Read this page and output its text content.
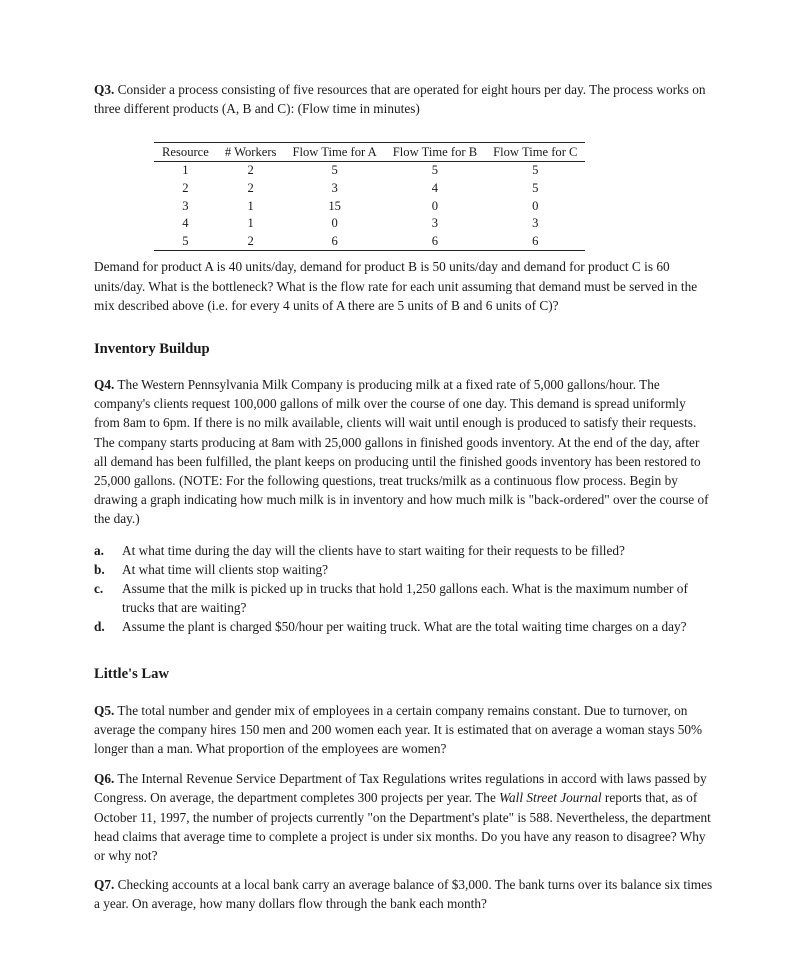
Q3. Consider a process consisting of five resources that are operated for eight hours per day. The process works on three different products (A, B and C): (Flow time in minutes)

Resource	# Workers	Flow Time for A	Flow Time for B	Flow Time for C
1	2	5	5	5
2	2	3	4	5
3	1	15	0	0
4	1	0	3	3
5	2	6	6	6

Demand for product A is 40 units/day, demand for product B is 50 units/day and demand for product C is 60 units/day. What is the bottleneck? What is the flow rate for each unit assuming that demand must be served in the mix described above (i.e. for every 4 units of A there are 5 units of B and 6 units of C)?

Inventory Buildup

Q4. The Western Pennsylvania Milk Company is producing milk at a fixed rate of 5,000 gallons/hour. The company's clients request 100,000 gallons of milk over the course of one day. This demand is spread uniformly from 8am to 6pm. If there is no milk available, clients will wait until enough is produced to satisfy their requests. The company starts producing at 8am with 25,000 gallons in finished goods inventory. At the end of the day, after all demand has been fulfilled, the plant keeps on producing until the finished goods inventory has been restored to 25,000 gallons. (NOTE: For the following questions, treat trucks/milk as a continuous flow process. Begin by drawing a graph indicating how much milk is in inventory and how much milk is "back-ordered" over the course of the day.)

a. At what time during the day will the clients have to start waiting for their requests to be filled?
b. At what time will clients stop waiting?
c. Assume that the milk is picked up in trucks that hold 1,250 gallons each. What is the maximum number of trucks that are waiting?
d. Assume the plant is charged $50/hour per waiting truck. What are the total waiting time charges on a day?
Little's Law

Q5. The total number and gender mix of employees in a certain company remains constant. Due to turnover, on average the company hires 150 men and 200 women each year. It is estimated that on average a woman stays 50% longer than a man. What proportion of the employees are women?

Q6. The Internal Revenue Service Department of Tax Regulations writes regulations in accord with laws passed by Congress. On average, the department completes 300 projects per year. The Wall Street Journal reports that, as of October 11, 1997, the number of projects currently "on the Department's plate" is 588. Nevertheless, the department head claims that average time to complete a project is under six months. Do you have any reason to disagree? Why or why not?

Q7. Checking accounts at a local bank carry an average balance of $3,000. The bank turns over its balance six times a year. On average, how many dollars flow through the bank each month?
